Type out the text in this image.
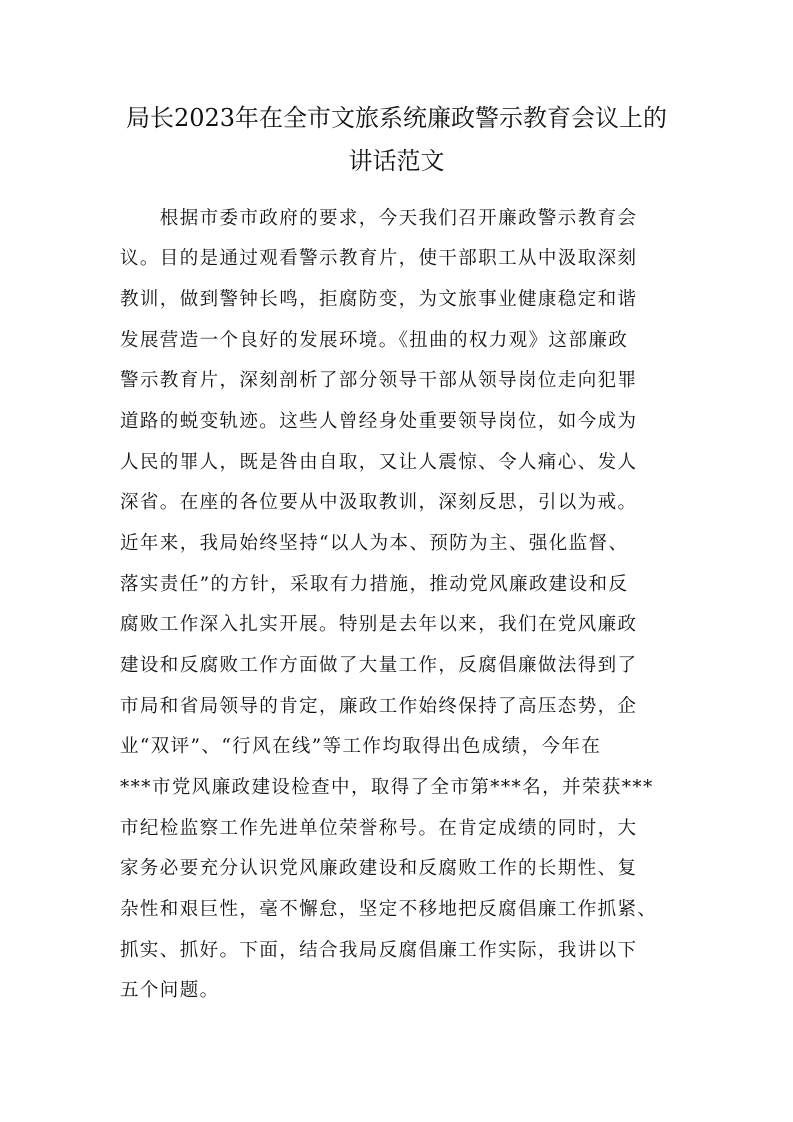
局长2023年在全市文旅系统廉政警示教育会议上的
讲话范文
　　根据市委市政府的要求，今天我们召开廉政警示教育会
议。目的是通过观看警示教育片，使干部职工从中汲取深刻
教训，做到警钟长鸣，拒腐防变，为文旅事业健康稳定和谐
发展营造一个良好的发展环境。《扭曲的权力观》这部廉政
警示教育片，深刻剖析了部分领导干部从领导岗位走向犯罪
道路的蜕变轨迹。这些人曾经身处重要领导岗位，如今成为
人民的罪人，既是咎由自取，又让人震惊、令人痛心、发人
深省。在座的各位要从中汲取教训，深刻反思，引以为戒。
近年来，我局始终坚持“以人为本、预防为主、强化监督、
落实责任”的方针，采取有力措施，推动党风廉政建设和反
腐败工作深入扎实开展。特别是去年以来，我们在党风廉政
建设和反腐败工作方面做了大量工作，反腐倡廉做法得到了
市局和省局领导的肯定，廉政工作始终保持了高压态势，企
业“双评”、“行风在线”等工作均取得出色成绩，今年在
***市党风廉政建设检查中，取得了全市第***名，并荣获***
市纪检监察工作先进单位荣誉称号。在肯定成绩的同时，大
家务必要充分认识党风廉政建设和反腐败工作的长期性、复
杂性和艰巨性，毫不懈怠，坚定不移地把反腐倡廉工作抓紧、
抓实、抓好。下面，结合我局反腐倡廉工作实际，我讲以下
五个问题。
